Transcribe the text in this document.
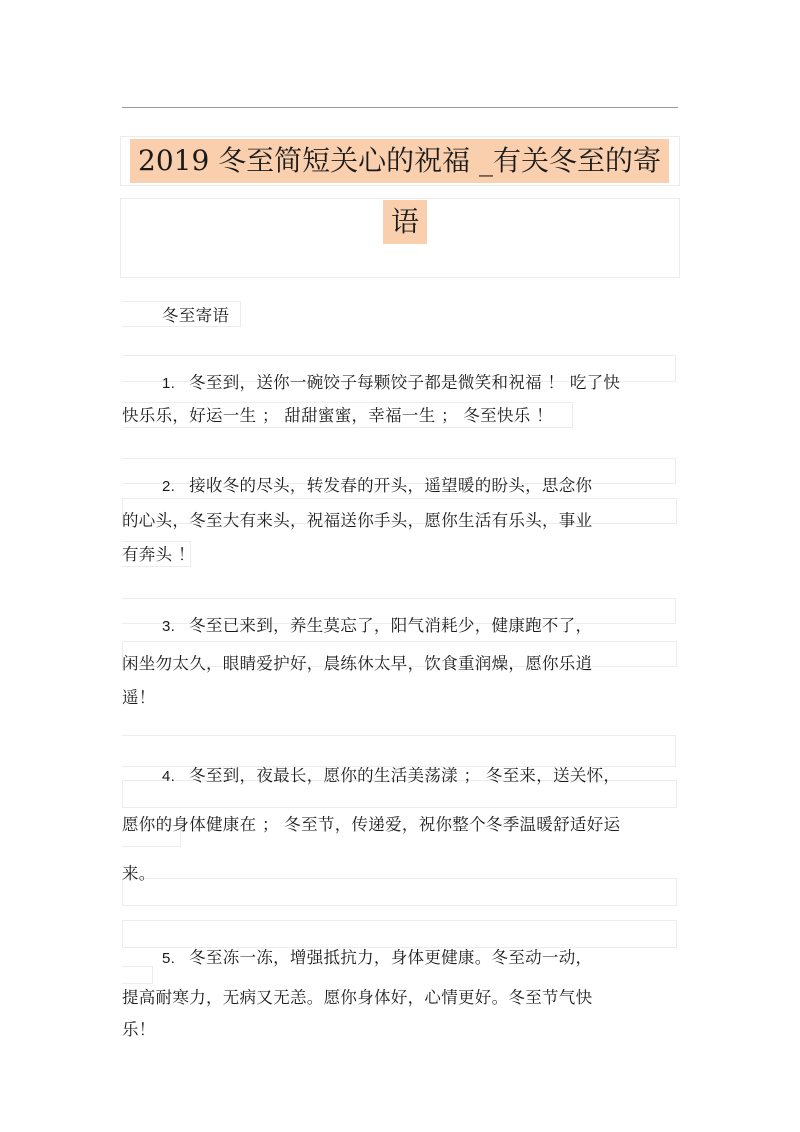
2019 冬至简短关心的祝福 _有关冬至的寄
语
冬至寄语
1. 冬至到，送你一碗饺子每颗饺子都是微笑和祝福 ！ 吃了快
快乐乐，好运一生 ； 甜甜蜜蜜，幸福一生 ； 冬至快乐 ！
2. 接收冬的尽头，转发春的开头，遥望暖的盼头，思念你
的心头，冬至大有来头，祝福送你手头，愿你生活有乐头，事业
有奔头 ！
3. 冬至已来到，养生莫忘了，阳气消耗少，健康跑不了，
闲坐勿太久，眼睛爱护好，晨练休太早，饮食重润燥，愿你乐逍
遥！
4. 冬至到，夜最长，愿你的生活美荡漾 ； 冬至来，送关怀，
愿你的身体健康在 ； 冬至节，传递爱，祝你整个冬季温暖舒适好运
来。
5. 冬至冻一冻，增强抵抗力，身体更健康。冬至动一动，
提高耐寒力，无病又无恙。愿你身体好，心情更好。冬至节气快
乐！
